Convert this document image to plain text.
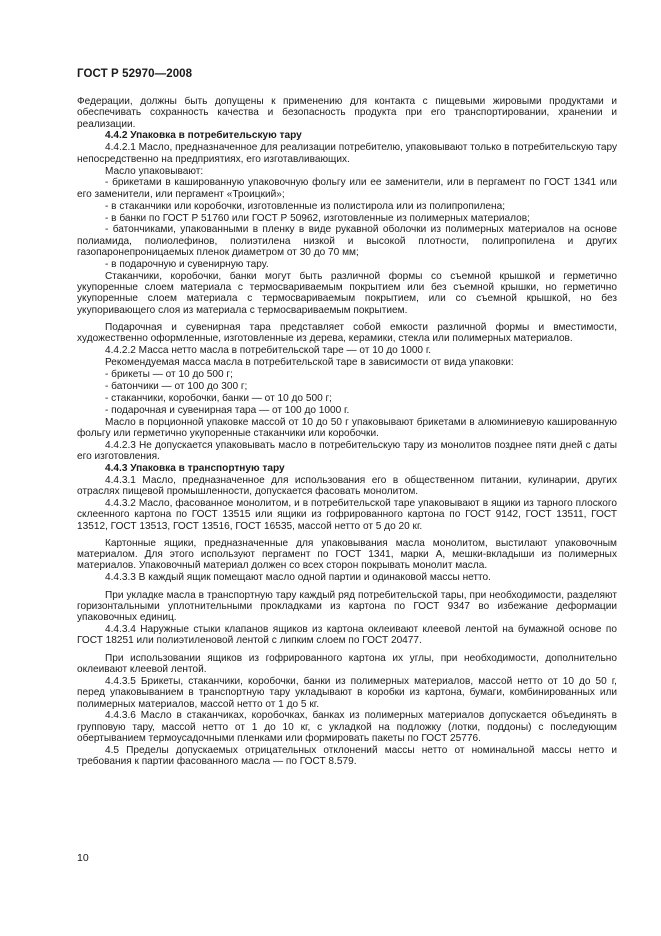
ГОСТ Р 52970—2008

Федерации, должны быть допущены к применению для контакта с пищевыми жировыми продуктами и обеспечивать сохранность качества и безопасность продукта при его транспортировании, хранении и реализации.

4.4.2 Упаковка в потребительскую тару

4.4.2.1 Масло, предназначенное для реализации потребителю, упаковывают только в потребительскую тару непосредственно на предприятиях, его изготавливающих.

Масло упаковывают:

- брикетами в кашированную упаковочную фольгу или ее заменители, или в пергамент по ГОСТ 1341 или его заменители, или пергамент «Троицкий»;

- в стаканчики или коробочки, изготовленные из полистирола или из полипропилена;

- в банки по ГОСТ Р 51760 или ГОСТ Р 50962, изготовленные из полимерных материалов;

- батончиками, упакованными в пленку в виде рукавной оболочки из полимерных материалов на основе полиамида, полиолефинов, полиэтилена низкой и высокой плотности, полипропилена и других газопаронепроницаемых пленок диаметром от 30 до 70 мм;

- в подарочную и сувенирную тару.

Стаканчики, коробочки, банки могут быть различной формы со съемной крышкой и герметично укупоренные слоем материала с термосвариваемым покрытием или без съемной крышки, но герметично укупоренные слоем материала с термосвариваемым покрытием, или со съемной крышкой, но без укупоривающего слоя из материала с термосвариваемым покрытием.

Подарочная и сувенирная тара представляет собой емкости различной формы и вместимости, художественно оформленные, изготовленные из дерева, керамики, стекла или полимерных материалов.

4.4.2.2 Масса нетто масла в потребительской таре — от 10 до 1000 г.

Рекомендуемая масса масла в потребительской таре в зависимости от вида упаковки:

- брикеты — от 10 до 500 г;

- батончики — от 100 до 300 г;

- стаканчики, коробочки, банки — от 10 до 500 г;

- подарочная и сувенирная тара — от 100 до 1000 г.

Масло в порционной упаковке массой от 10 до 50 г упаковывают брикетами в алюминиевую кашированную фольгу или герметично укупоренные стаканчики или коробочки.

4.4.2.3 Не допускается упаковывать масло в потребительскую тару из монолитов позднее пяти дней с даты его изготовления.

4.4.3 Упаковка в транспортную тару

4.4.3.1 Масло, предназначенное для использования его в общественном питании, кулинарии, других отраслях пищевой промышленности, допускается фасовать монолитом.

4.4.3.2 Масло, фасованное монолитом, и в потребительской таре упаковывают в ящики из тарного плоского склеенного картона по ГОСТ 13515 или ящики из гофрированного картона по ГОСТ 9142, ГОСТ 13511, ГОСТ 13512, ГОСТ 13513, ГОСТ 13516, ГОСТ 16535, массой нетто от 5 до 20 кг.

Картонные ящики, предназначенные для упаковывания масла монолитом, выстилают упаковочным материалом. Для этого используют пергамент по ГОСТ 1341, марки А, мешки-вкладыши из полимерных материалов. Упаковочный материал должен со всех сторон покрывать монолит масла.

4.4.3.3 В каждый ящик помещают масло одной партии и одинаковой массы нетто.

При укладке масла в транспортную тару каждый ряд потребительской тары, при необходимости, разделяют горизонтальными уплотнительными прокладками из картона по ГОСТ 9347 во избежание деформации упаковочных единиц.

4.4.3.4 Наружные стыки клапанов ящиков из картона оклеивают клеевой лентой на бумажной основе по ГОСТ 18251 или полиэтиленовой лентой с липким слоем по ГОСТ 20477.

При использовании ящиков из гофрированного картона их углы, при необходимости, дополнительно оклеивают клеевой лентой.

4.4.3.5 Брикеты, стаканчики, коробочки, банки из полимерных материалов, массой нетто от 10 до 50 г, перед упаковыванием в транспортную тару укладывают в коробки из картона, бумаги, комбинированных или полимерных материалов, массой нетто от 1 до 5 кг.

4.4.3.6 Масло в стаканчиках, коробочках, банках из полимерных материалов допускается объединять в групповую тару, массой нетто от 1 до 10 кг, с укладкой на подложку (лотки, поддоны) с последующим обертыванием термоусадочными пленками или формировать пакеты по ГОСТ 25776.

4.5 Пределы допускаемых отрицательных отклонений массы нетто от номинальной массы нетто и требования к партии фасованного масла — по ГОСТ 8.579.

10
